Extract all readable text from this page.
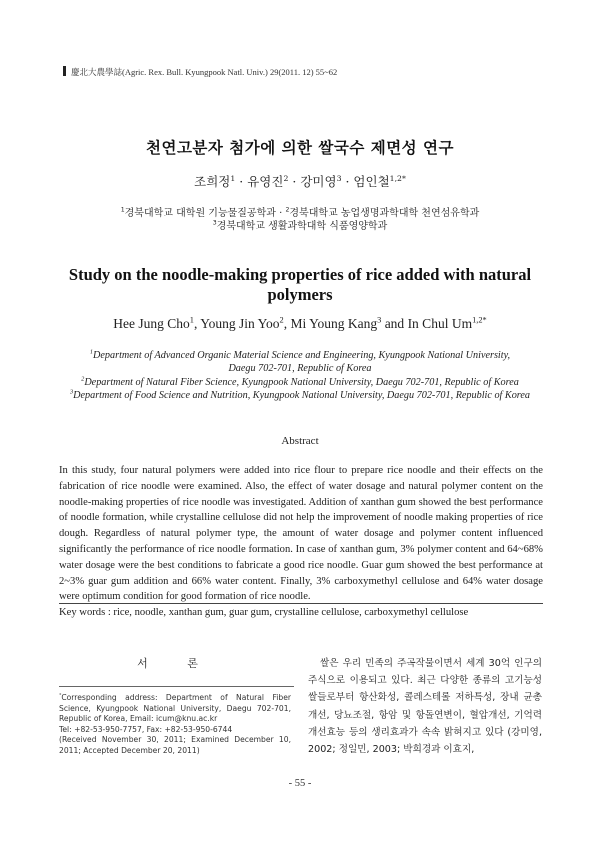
慶北大農學誌(Agric. Rex. Bull. Kyungpook Natl. Univ.) 29(2011. 12) 55~62
천연고분자 첨가에 의한 쌀국수 제면성 연구
조희정$^1$ · 유영진$^2$ · 강미영$^3$ · 엄인철$^{1,2*}$
$^1$경북대학교 대학원 기능물질공학과 · $^2$경북대학교 농업생명과학대학 천연섬유학과
$^3$경북대학교 생활과학대학 식품영양학과
Study on the noodle-making properties of rice added with natural polymers
Hee Jung Cho$^1$, Young Jin Yoo$^2$, Mi Young Kang$^3$ and In Chul $Um^{1,2*}$
$^1$Department of Advanced Organic Material Science and Engineering, Kyungpook National University,
Daegu 702-701, Republic of Korea
$^2$Department of Natural Fiber Science, Kyungpook National University, Daegu 702-701, Republic of Korea
$^3$Department of Food Science and Nutrition, Kyungpook National University, Daegu 702-701, Republic of Korea
Abstract

In this study, four natural polymers were added into rice flour to prepare rice noodle and their effects on the fabrication of rice noodle were examined. Also, the effect of water dosage and natural polymer content on the noodle-making properties of rice noodle was investigated. Addition of xanthan gum showed the best performance of noodle formation, while crystalline cellulose did not help the improvement of noodle making properties of rice dough. Regardless of natural polymer type, the amount of water dosage and polymer content influenced significantly the performance of rice noodle formation. In case of xanthan gum, 3% polymer content and 64~68% water dosage were the best conditions to fabricate a good rice noodle. Guar gum showed the best performance at 2~3% guar gum addition and 66% water content. Finally, 3% carboxymethyl cellulose and 64% water dosage were optimum condition for good formation of rice noodle.

Key words : rice, noodle, xanthan gum, guar gum, crystalline cellulose, carboxymethyl cellulose
서 론
*Corresponding address: Department of Natural Fiber Science, Kyungpook National University, Daegu 702-701, Republic of Korea, Email: icum@knu.ac.kr
Tel: +82-53-950-7757, Fax: +82-53-950-6744
(Received November 30, 2011; Examined December 10, 2011; Accepted December 20, 2011)

쌀은 우리 민족의 주곡작물이면서 세계 30억 인구의 주식으로 이용되고 있다. 최근 다양한 종류의 고기능성 쌀들로부터 항산화성, 콜레스테롤 저하특성, 장내 균총 개선, 당뇨조절, 항암 및 항돌연변이, 혈압개선, 기억력 개선효능 등의 생리효과가 속속 밝혀지고 있다 (강미영, 2002; 정일민, 2003; 박희경과 이효지,

- 55 -
